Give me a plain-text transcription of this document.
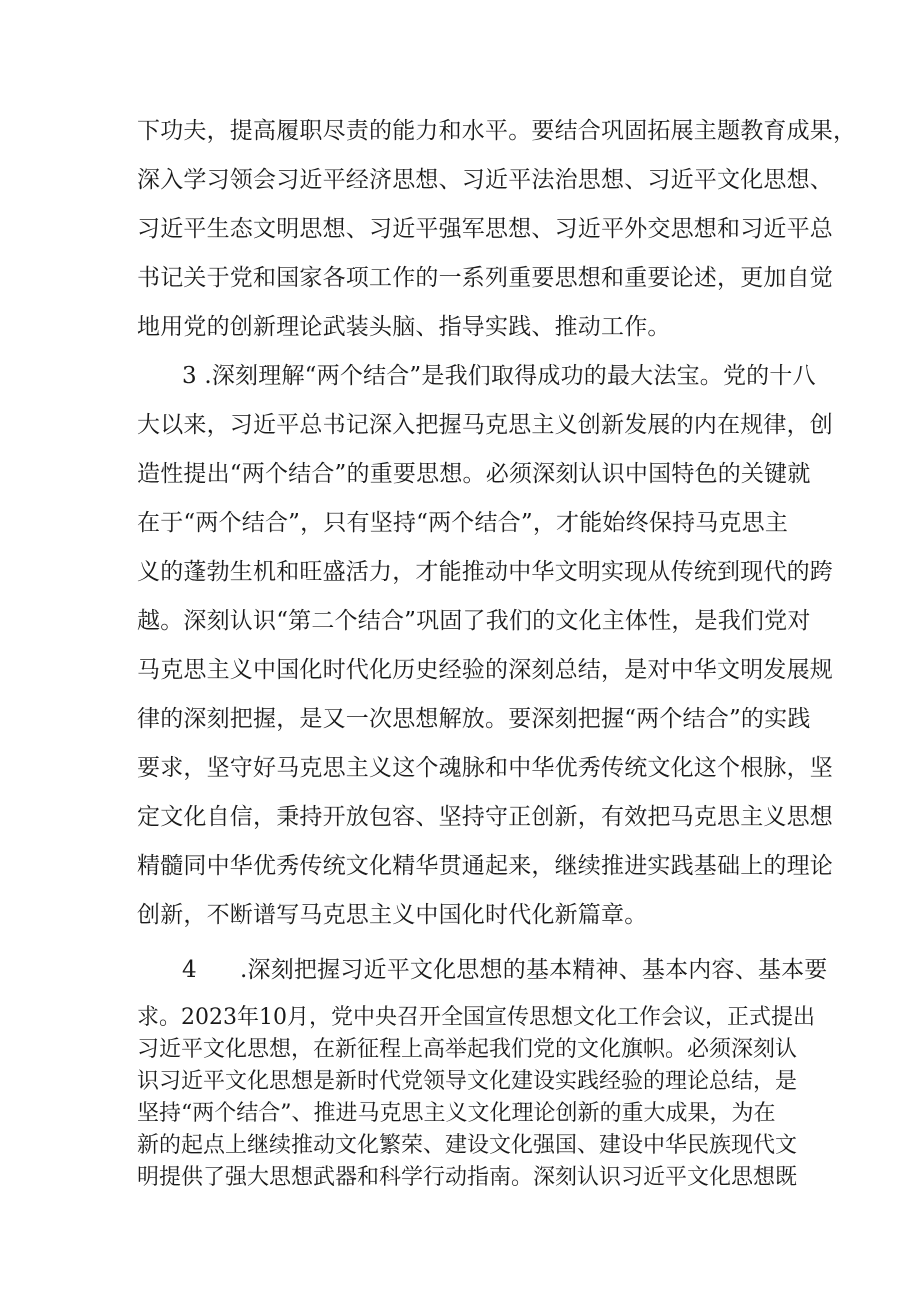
下功夫，提高履职尽责的能力和水平。要结合巩固拓展主题教育成果，
深入学习领会习近平经济思想、习近平法治思想、习近平文化思想、
习近平生态文明思想、习近平强军思想、习近平外交思想和习近平总
书记关于党和国家各项工作的一系列重要思想和重要论述，更加自觉
地用党的创新理论武装头脑、指导实践、推动工作。
3 .深刻理解“两个结合”是我们取得成功的最大法宝。党的十八
大以来，习近平总书记深入把握马克思主义创新发展的内在规律，创
造性提出“两个结合”的重要思想。必须深刻认识中国特色的关键就
在于“两个结合”，只有坚持“两个结合”，才能始终保持马克思主
义的蓬勃生机和旺盛活力，才能推动中华文明实现从传统到现代的跨
越。深刻认识“第二个结合”巩固了我们的文化主体性，是我们党对
马克思主义中国化时代化历史经验的深刻总结，是对中华文明发展规
律的深刻把握，是又一次思想解放。要深刻把握“两个结合”的实践
要求，坚守好马克思主义这个魂脉和中华优秀传统文化这个根脉，坚
定文化自信，秉持开放包容、坚持守正创新，有效把马克思主义思想
精髓同中华优秀传统文化精华贯通起来，继续推进实践基础上的理论
创新，不断谱写马克思主义中国化时代化新篇章。
4 .深刻把握习近平文化思想的基本精神、基本内容、基本要
求。2023年10月，党中央召开全国宣传思想文化工作会议，正式提出
习近平文化思想，在新征程上高举起我们党的文化旗帜。必须深刻认
识习近平文化思想是新时代党领导文化建设实践经验的理论总结，是
坚持“两个结合”、推进马克思主义文化理论创新的重大成果，为在
新的起点上继续推动文化繁荣、建设文化强国、建设中华民族现代文
明提供了强大思想武器和科学行动指南。深刻认识习近平文化思想既
